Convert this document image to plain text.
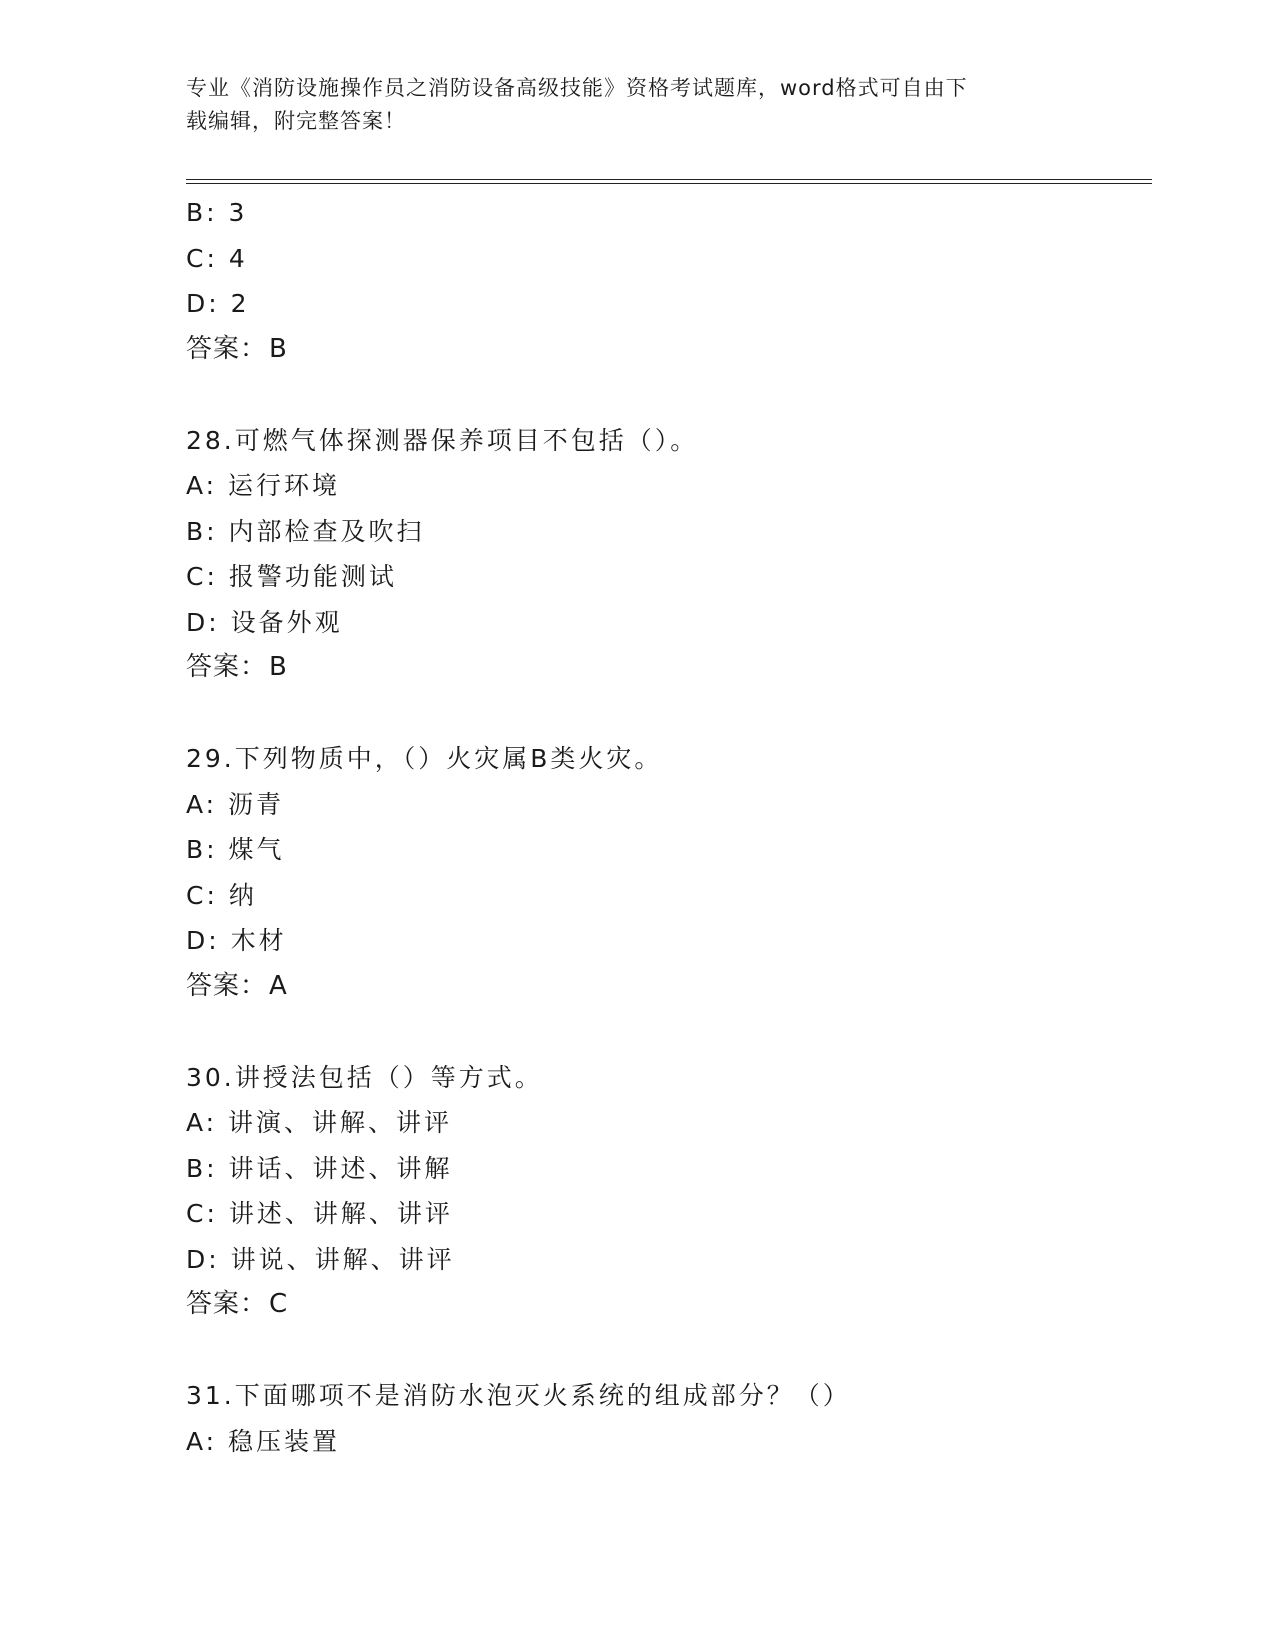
专业《消防设施操作员之消防设备高级技能》资格考试题库，word格式可自由下
载编辑，附完整答案！
B: 3
C: 4
D: 2
答案：B
28.可燃气体探测器保养项目不包括（）。
A: 运行环境
B: 内部检查及吹扫
C: 报警功能测试
D: 设备外观
答案：B
29.下列物质中，（）火灾属B类火灾。
A: 沥青
B: 煤气
C: 纳
D: 木材
答案：A
30.讲授法包括（）等方式。
A: 讲演、讲解、讲评
B: 讲话、讲述、讲解
C: 讲述、讲解、讲评
D: 讲说、讲解、讲评
答案：C
31.下面哪项不是消防水泡灭火系统的组成部分？（）
A: 稳压装置
